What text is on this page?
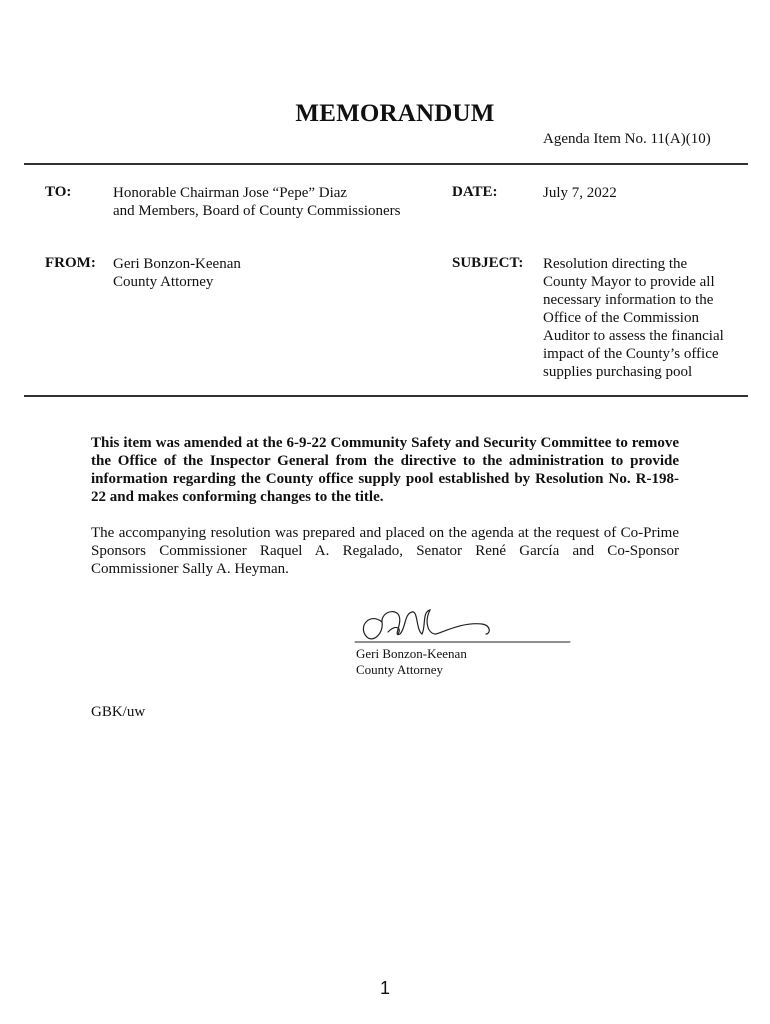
MEMORANDUM
Agenda Item No. 11(A)(10)
TO:	Honorable Chairman Jose “Pepe” Diaz
and Members, Board of County Commissioners
DATE:	July 7, 2022
FROM: Geri Bonzon-Keenan
County Attorney
SUBJECT: Resolution directing the
County Mayor to provide all
necessary information to the
Office of the Commission
Auditor to assess the financial
impact of the County’s office
supplies purchasing pool
This item was amended at the 6-9-22 Community Safety and Security Committee to remove the Office of the Inspector General from the directive to the administration to provide information regarding the County office supply pool established by Resolution No. R-198-22 and makes conforming changes to the title.
The accompanying resolution was prepared and placed on the agenda at the request of Co-Prime Sponsors Commissioner Raquel A. Regalado, Senator René García and Co-Sponsor Commissioner Sally A. Heyman.
Geri Bonzon-Keenan
County Attorney
GBK/uw
1
